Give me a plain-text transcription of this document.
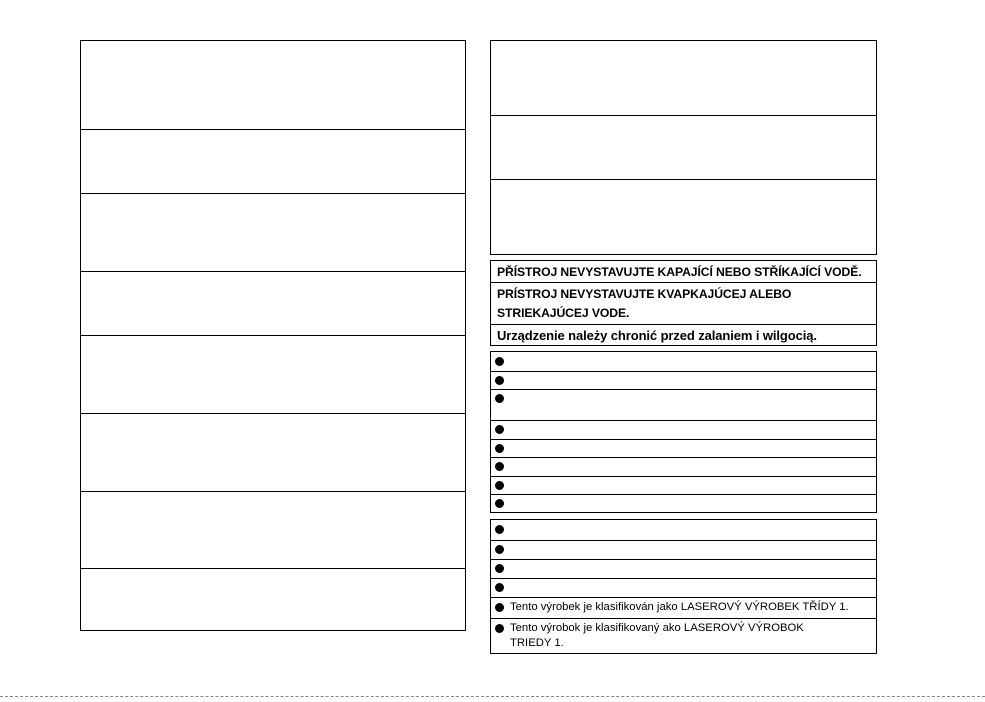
PŘÍSTROJ NEVYSTAVUJTE KAPAJÍCÍ NEBO STŘÍKAJÍCÍ VODĚ.
PRÍSTROJ NEVYSTAVUJTE KVAPKAJÚCEJ ALEBO
STRIEKAJÚCEJ VODE.
Urządzenie należy chronić przed zalaniem i wilgocią.
Tento výrobek je klasifikován jako LASEROVÝ VÝROBEK TŘÍDY 1.
Tento výrobok je klasifikovaný ako LASEROVÝ VÝROBOK
TRIEDY 1.
